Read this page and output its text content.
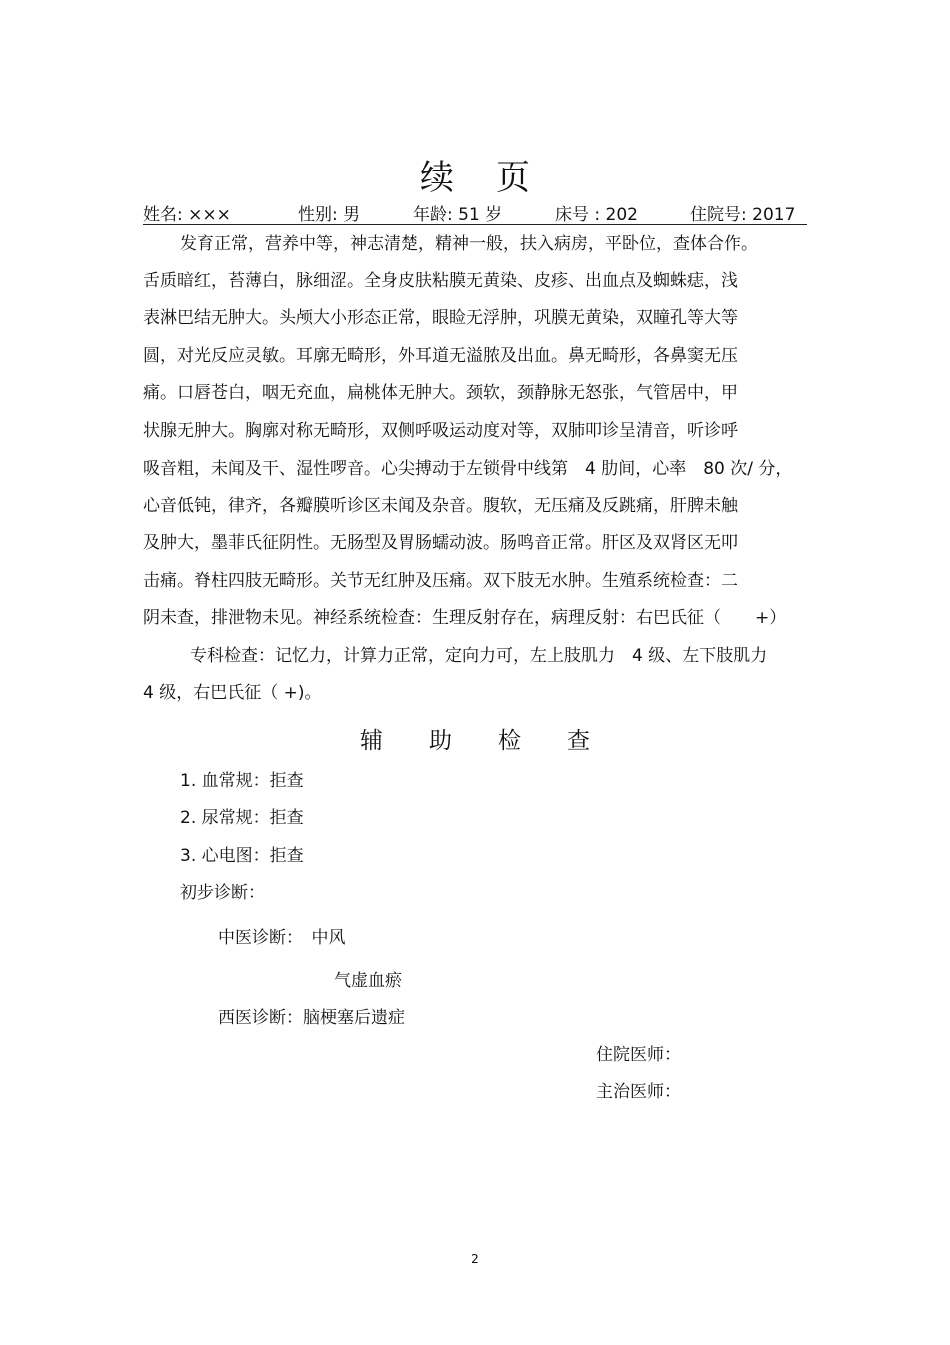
续页
姓名: ×××	性别: 男	年龄: 51 岁	床号 : 202	住院号: 2017
发育正常，营养中等，神志清楚，精神一般，扶入病房，平卧位，查体合作。
舌质暗红，苔薄白，脉细涩。全身皮肤粘膜无黄染、皮疹、出血点及蜘蛛痣，浅
表淋巴结无肿大。头颅大小形态正常，眼睑无浮肿，巩膜无黄染，双瞳孔等大等
圆，对光反应灵敏。耳廓无畸形，外耳道无溢脓及出血。鼻无畸形，各鼻窦无压
痛。口唇苍白，咽无充血，扁桃体无肿大。颈软，颈静脉无怒张，气管居中，甲
状腺无肿大。胸廓对称无畸形，双侧呼吸运动度对等，双肺叩诊呈清音，听诊呼
吸音粗，未闻及干、湿性啰音。心尖搏动于左锁骨中线第　4 肋间，心率　80 次/ 分，
心音低钝，律齐，各瓣膜听诊区未闻及杂音。腹软，无压痛及反跳痛，肝脾未触
及肿大，墨菲氏征阴性。无肠型及胃肠蠕动波。肠鸣音正常。肝区及双肾区无叩
击痛。脊柱四肢无畸形。关节无红肿及压痛。双下肢无水肿。生殖系统检查：二
阴未查，排泄物未见。神经系统检查：生理反射存在，病理反射：右巴氏征（　　+）
专科检查：记忆力，计算力正常，定向力可，左上肢肌力　4 级、左下肢肌力
4 级，右巴氏征（ +)。
辅助检查
1. 血常规：拒查
2. 尿常规：拒查
3. 心电图：拒查
初步诊断：
中医诊断：　中风
气虚血瘀
西医诊断：脑梗塞后遗症
住院医师：
主治医师：
2
